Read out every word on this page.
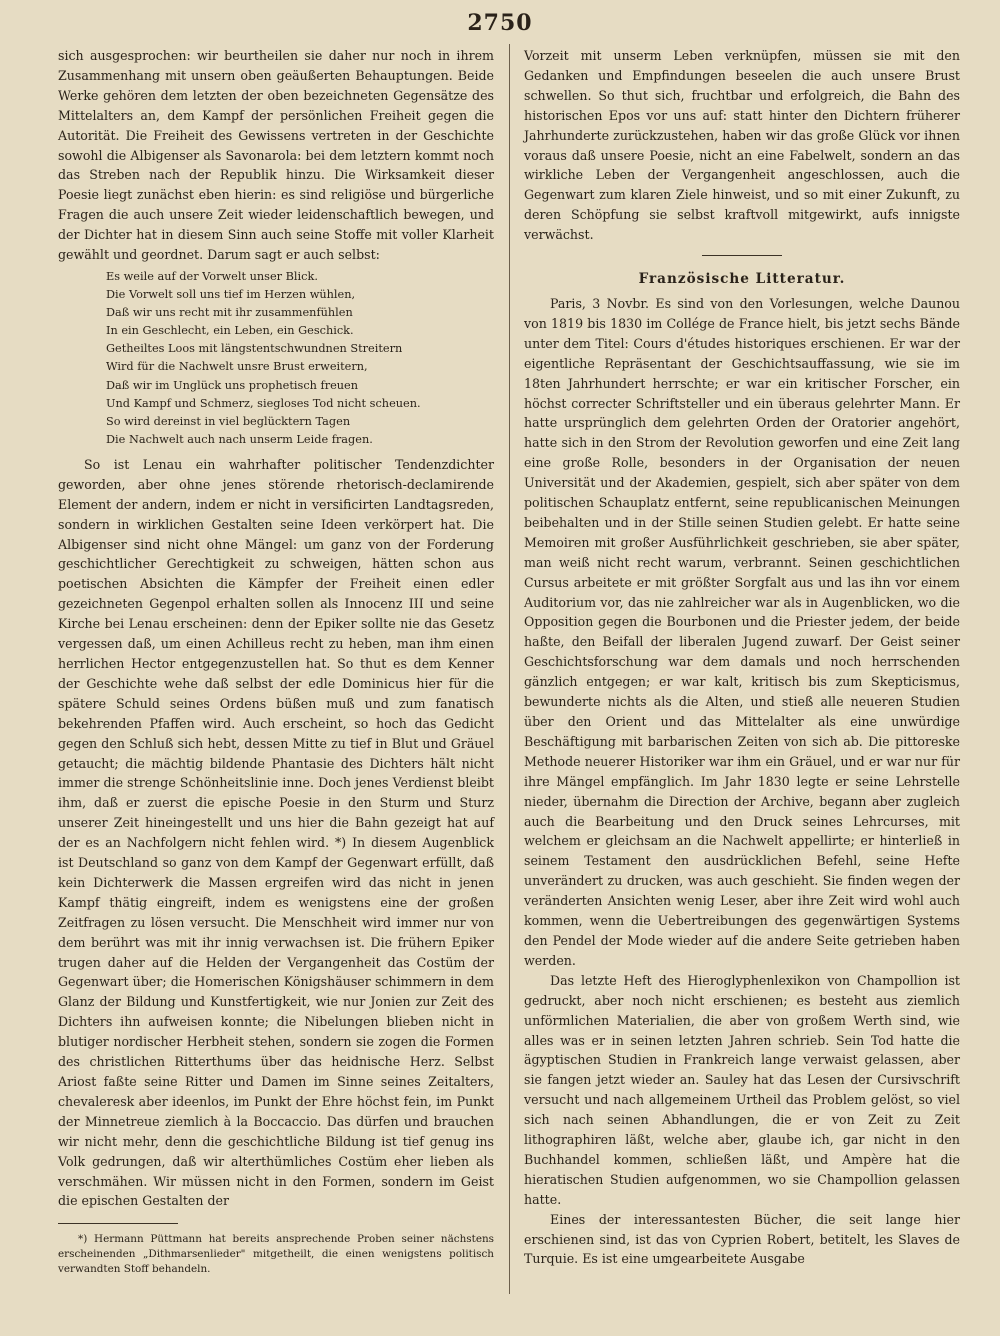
2750

sich ausgesprochen: wir beurtheilen sie daher nur noch in ihrem Zusammenhang mit unsern oben geäußerten Behauptungen. Beide Werke gehören dem letzten der oben bezeichneten Gegensätze des Mittelalters an, dem Kampf der persönlichen Freiheit gegen die Autorität. Die Freiheit des Gewissens vertreten in der Geschichte sowohl die Albigenser als Savonarola: bei dem letztern kommt noch das Streben nach der Republik hinzu. Die Wirksamkeit dieser Poesie liegt zunächst eben hierin: es sind religiöse und bürgerliche Fragen die auch unsere Zeit wieder leidenschaftlich bewegen, und der Dichter hat in diesem Sinn auch seine Stoffe mit voller Klarheit gewählt und geordnet. Darum sagt er auch selbst:

Es weile auf der Vorwelt unser Blick.
Die Vorwelt soll uns tief im Herzen wühlen,
Daß wir uns recht mit ihr zusammenfühlen
In ein Geschlecht, ein Leben, ein Geschick.
Getheiltes Loos mit längstentschwundnen Streitern
Wird für die Nachwelt unsre Brust erweitern,
Daß wir im Unglück uns prophetisch freuen
Und Kampf und Schmerz, siegloses Tod nicht scheuen.
So wird dereinst in viel beglücktern Tagen
Die Nachwelt auch nach unserm Leide fragen.

So ist Lenau ein wahrhafter politischer Tendenzdichter geworden, aber ohne jenes störende rhetorisch-declamirende Element der andern, indem er nicht in versificirten Landtagsreden, sondern in wirklichen Gestalten seine Ideen verkörpert hat. Die Albigenser sind nicht ohne Mängel: um ganz von der Forderung geschichtlicher Gerechtigkeit zu schweigen, hätten schon aus poetischen Absichten die Kämpfer der Freiheit einen edler gezeichneten Gegenpol erhalten sollen als Innocenz III und seine Kirche bei Lenau erscheinen: denn der Epiker sollte nie das Gesetz vergessen daß, um einen Achilleus recht zu heben, man ihm einen herrlichen Hector entgegenzustellen hat. So thut es dem Kenner der Geschichte wehe daß selbst der edle Dominicus hier für die spätere Schuld seines Ordens büßen muß und zum fanatisch bekehrenden Pfaffen wird. Auch erscheint, so hoch das Gedicht gegen den Schluß sich hebt, dessen Mitte zu tief in Blut und Gräuel getaucht; die mächtig bildende Phantasie des Dichters hält nicht immer die strenge Schönheitslinie inne. Doch jenes Verdienst bleibt ihm, daß er zuerst die epische Poesie in den Sturm und Sturz unserer Zeit hineingestellt und uns hier die Bahn gezeigt hat auf der es an Nachfolgern nicht fehlen wird. *) In diesem Augenblick ist Deutschland so ganz von dem Kampf der Gegenwart erfüllt, daß kein Dichterwerk die Massen ergreifen wird das nicht in jenen Kampf thätig eingreift, indem es wenigstens eine der großen Zeitfragen zu lösen versucht. Die Menschheit wird immer nur von dem berührt was mit ihr innig verwachsen ist. Die frühern Epiker trugen daher auf die Helden der Vergangenheit das Costüm der Gegenwart über; die Homerischen Königshäuser schimmern in dem Glanz der Bildung und Kunstfertigkeit, wie nur Jonien zur Zeit des Dichters ihn aufweisen konnte; die Nibelungen blieben nicht in blutiger nordischer Herbheit stehen, sondern sie zogen die Formen des christlichen Ritterthums über das heidnische Herz. Selbst Ariost faßte seine Ritter und Damen im Sinne seines Zeitalters, chevaleresk aber ideenlos, im Punkt der Ehre höchst fein, im Punkt der Minnetreue ziemlich à la Boccaccio. Das dürfen und brauchen wir nicht mehr, denn die geschichtliche Bildung ist tief genug ins Volk gedrungen, daß wir alterthümliches Costüm eher lieben als verschmähen. Wir müssen nicht in den Formen, sondern im Geist die epischen Gestalten der

*) Hermann Püttmann hat bereits ansprechende Proben seiner nächstens erscheinenden „Dithmarsenlieder" mitgetheilt, die einen wenigstens politisch verwandten Stoff behandeln.

Vorzeit mit unserm Leben verknüpfen, müssen sie mit den Gedanken und Empfindungen beseelen die auch unsere Brust schwellen. So thut sich, fruchtbar und erfolgreich, die Bahn des historischen Epos vor uns auf: statt hinter den Dichtern früherer Jahrhunderte zurückzustehen, haben wir das große Glück vor ihnen voraus daß unsere Poesie, nicht an eine Fabelwelt, sondern an das wirkliche Leben der Vergangenheit angeschlossen, auch die Gegenwart zum klaren Ziele hinweist, und so mit einer Zukunft, zu deren Schöpfung sie selbst kraftvoll mitgewirkt, aufs innigste verwächst.

Französische Litteratur.

Paris, 3 Novbr. Es sind von den Vorlesungen, welche Daunou von 1819 bis 1830 im Collége de France hielt, bis jetzt sechs Bände unter dem Titel: Cours d'études historiques erschienen. Er war der eigentliche Repräsentant der Geschichtsauffassung, wie sie im 18ten Jahrhundert herrschte; er war ein kritischer Forscher, ein höchst correcter Schriftsteller und ein überaus gelehrter Mann. Er hatte ursprünglich dem gelehrten Orden der Oratorier angehört, hatte sich in den Strom der Revolution geworfen und eine Zeit lang eine große Rolle, besonders in der Organisation der neuen Universität und der Akademien, gespielt, sich aber später von dem politischen Schauplatz entfernt, seine republicanischen Meinungen beibehalten und in der Stille seinen Studien gelebt. Er hatte seine Memoiren mit großer Ausführlichkeit geschrieben, sie aber später, man weiß nicht recht warum, verbrannt. Seinen geschichtlichen Cursus arbeitete er mit größter Sorgfalt aus und las ihn vor einem Auditorium vor, das nie zahlreicher war als in Augenblicken, wo die Opposition gegen die Bourbonen und die Priester jedem, der beide haßte, den Beifall der liberalen Jugend zuwarf. Der Geist seiner Geschichtsforschung war dem damals und noch herrschenden gänzlich entgegen; er war kalt, kritisch bis zum Skepticismus, bewunderte nichts als die Alten, und stieß alle neueren Studien über den Orient und das Mittelalter als eine unwürdige Beschäftigung mit barbarischen Zeiten von sich ab. Die pittoreske Methode neuerer Historiker war ihm ein Gräuel, und er war nur für ihre Mängel empfänglich. Im Jahr 1830 legte er seine Lehrstelle nieder, übernahm die Direction der Archive, begann aber zugleich auch die Bearbeitung und den Druck seines Lehrcurses, mit welchem er gleichsam an die Nachwelt appellirte; er hinterließ in seinem Testament den ausdrücklichen Befehl, seine Hefte unverändert zu drucken, was auch geschieht. Sie finden wegen der veränderten Ansichten wenig Leser, aber ihre Zeit wird wohl auch kommen, wenn die Uebertreibungen des gegenwärtigen Systems den Pendel der Mode wieder auf die andere Seite getrieben haben werden.

Das letzte Heft des Hieroglyphenlexikon von Champollion ist gedruckt, aber noch nicht erschienen; es besteht aus ziemlich unförmlichen Materialien, die aber von großem Werth sind, wie alles was er in seinen letzten Jahren schrieb. Sein Tod hatte die ägyptischen Studien in Frankreich lange verwaist gelassen, aber sie fangen jetzt wieder an. Sauley hat das Lesen der Cursivschrift versucht und nach allgemeinem Urtheil das Problem gelöst, so viel sich nach seinen Abhandlungen, die er von Zeit zu Zeit lithographiren läßt, welche aber, glaube ich, gar nicht in den Buchhandel kommen, schließen läßt, und Ampère hat die hieratischen Studien aufgenommen, wo sie Champollion gelassen hatte.

Eines der interessantesten Bücher, die seit lange hier erschienen sind, ist das von Cyprien Robert, betitelt, les Slaves de Turquie. Es ist eine umgearbeitete Ausgabe
